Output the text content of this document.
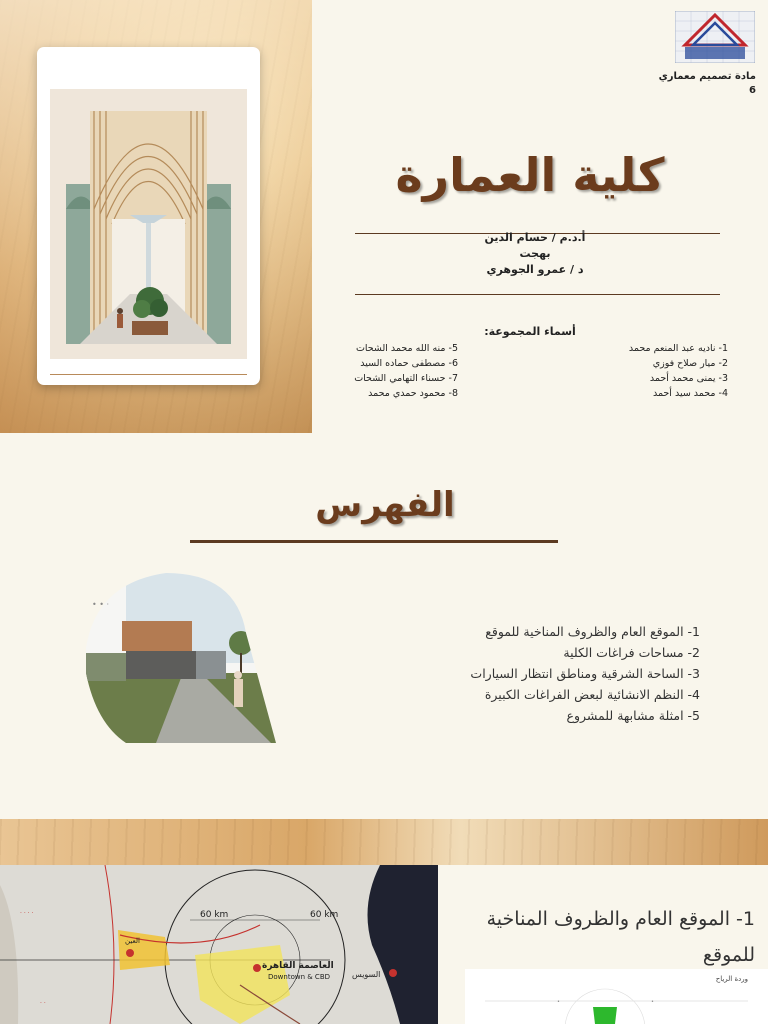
مادة تصميم معماري
6
كلية العمارة
أ.د.م / حسام الدين
بهجت
د / عمرو الجوهري
أسماء المجموعة:
1- ناديه عبد المنعم محمد
2- ميار صلاح فوزي
3- يمنى محمد أحمد
4- محمد سيد أحمد
5- منه الله محمد الشحات
6- مصطفى حماده السيد
7- حسناء التهامي الشحات
8- محمود حمدي محمد
الفهرس
• • ·
1- الموقع العام والظروف المناخية للموقع
2- مساحات فراغات الكلية
3- الساحة الشرقية ومناطق انتظار السيارات
4- النظم الانشائية لبعض الفراغات الكبيرة
5- امثلة مشابهة للمشروع
· · · ·
· ·
60 km	60 km
العاصمة القاهرة
Downtown & CBD	السويس
العين
1- الموقع العام والظروف المناخية
للموقع
وردة الرياح
•	•
